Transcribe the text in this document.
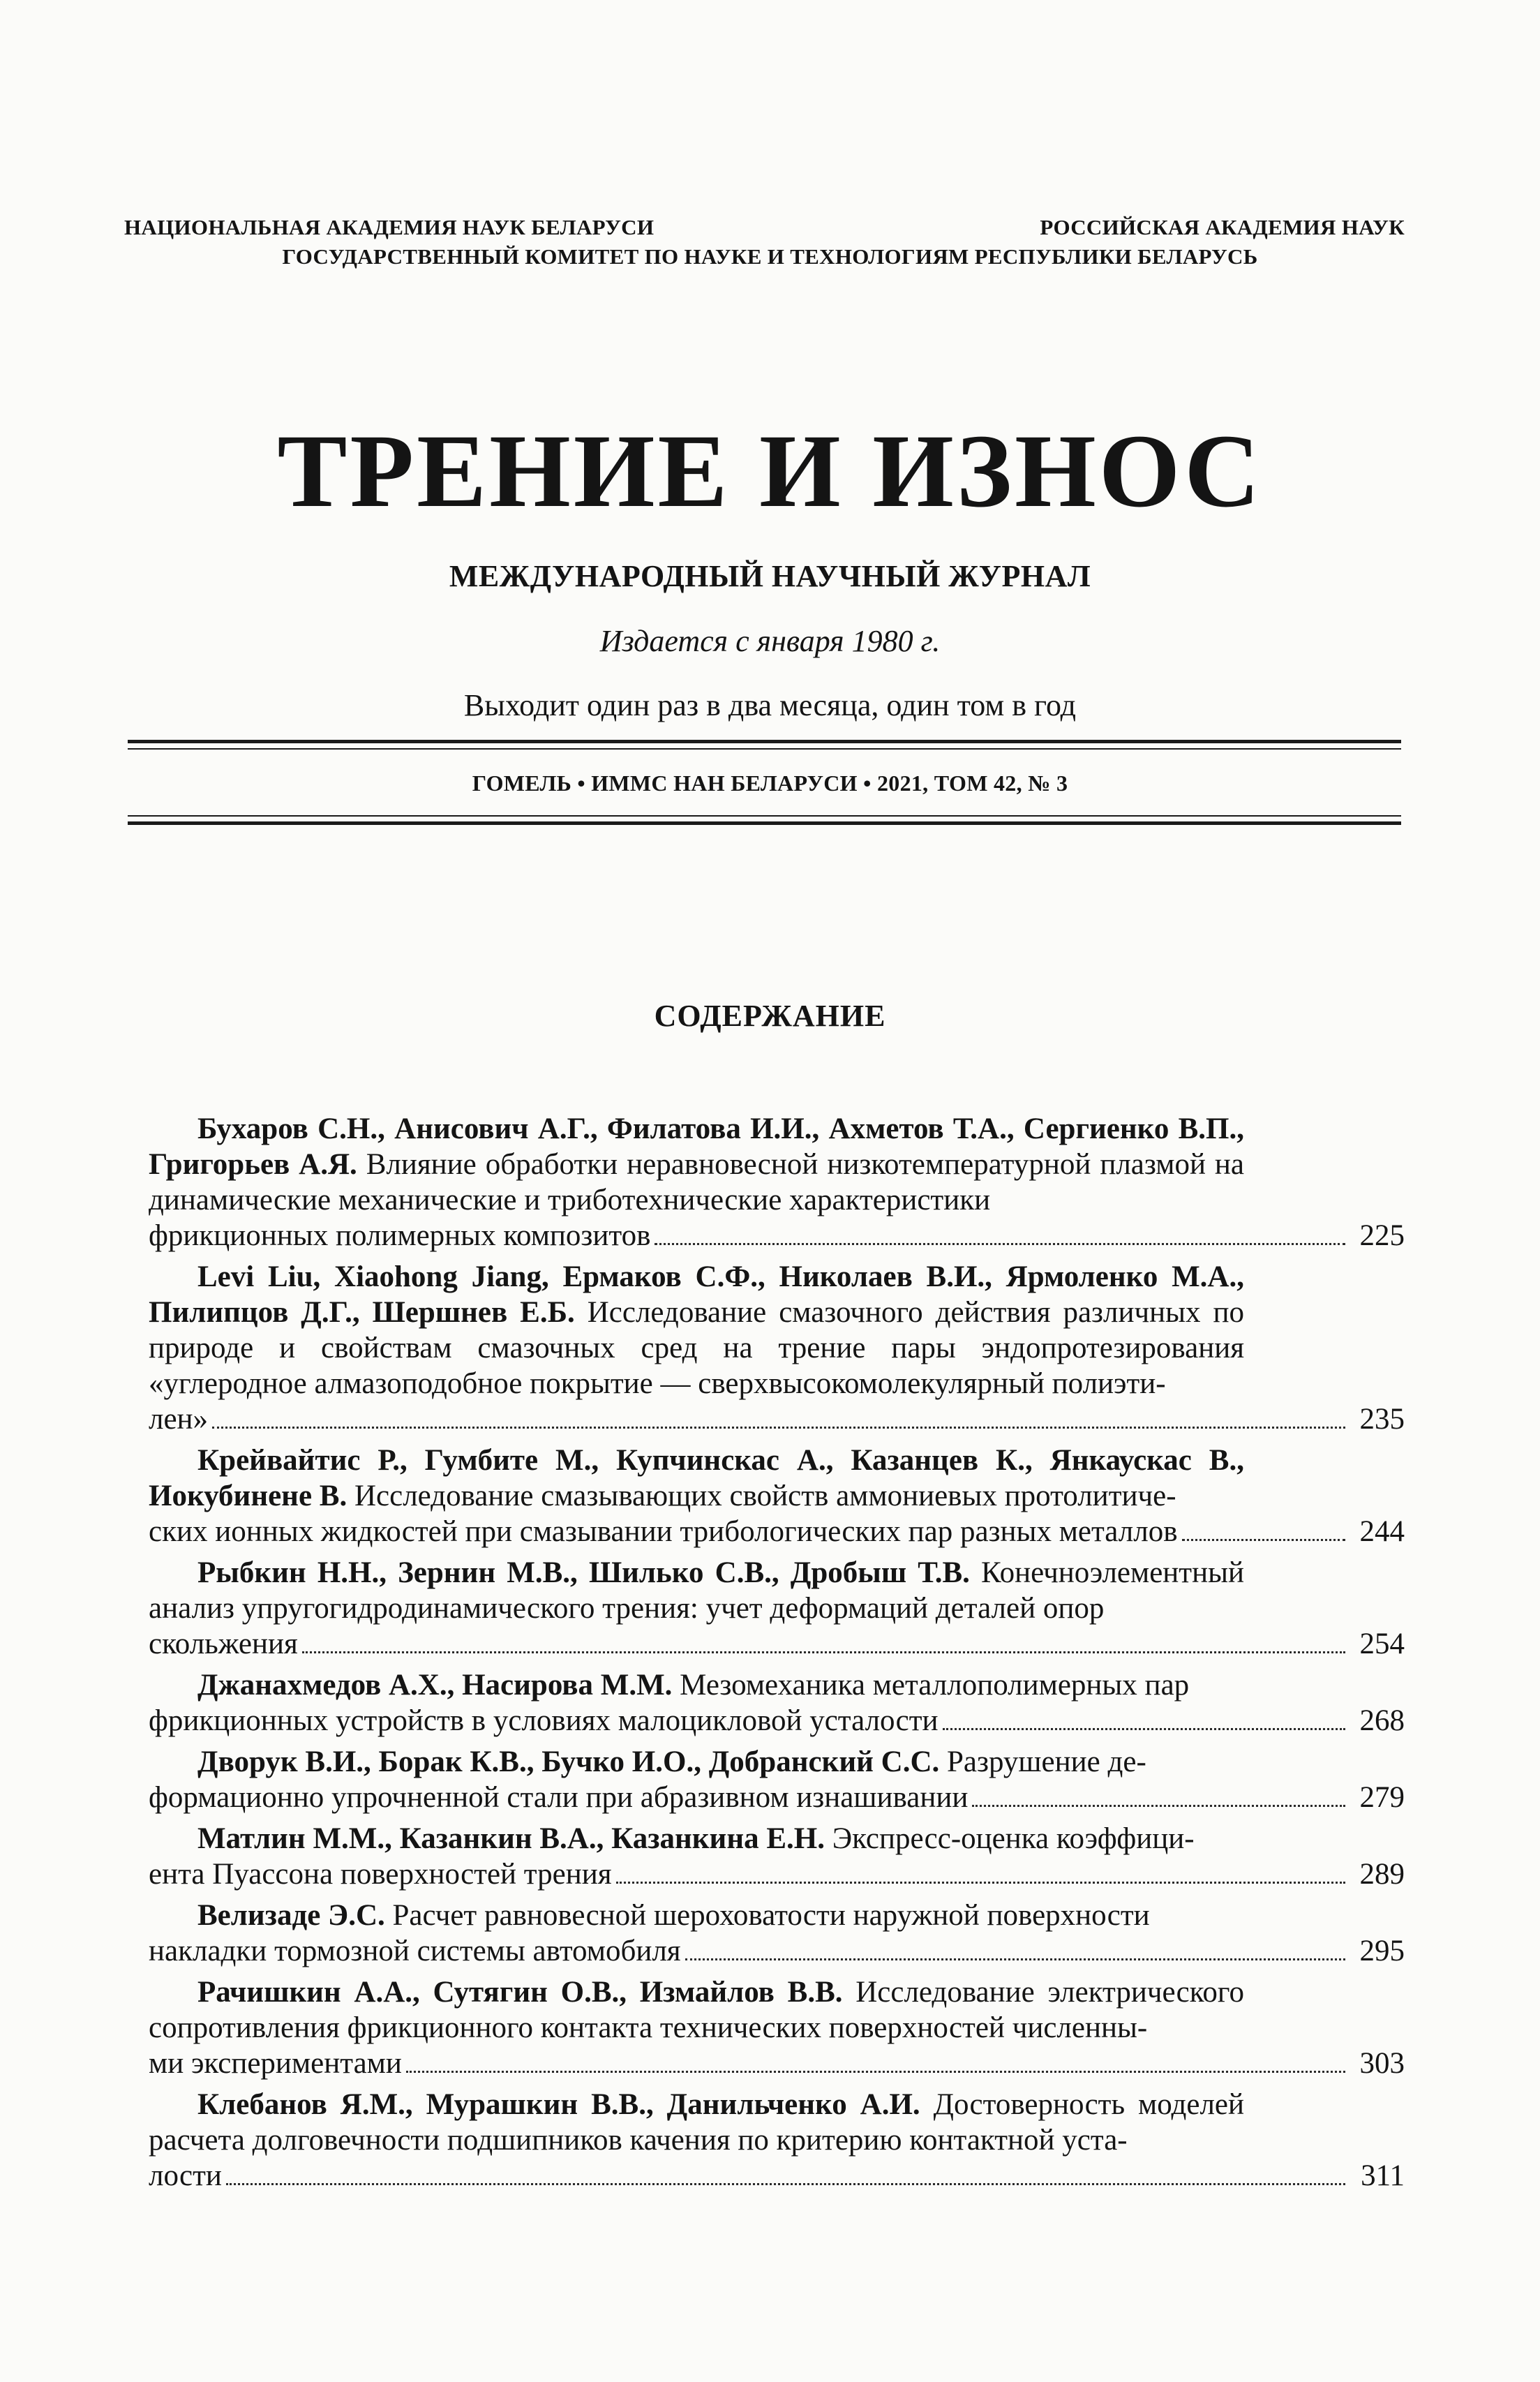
НАЦИОНАЛЬНАЯ АКАДЕМИЯ НАУК БЕЛАРУСИ	РОССИЙСКАЯ АКАДЕМИЯ НАУК
ГОСУДАРСТВЕННЫЙ КОМИТЕТ ПО НАУКЕ И ТЕХНОЛОГИЯМ РЕСПУБЛИКИ БЕЛАРУСЬ
ТРЕНИЕ И ИЗНОС
МЕЖДУНАРОДНЫЙ НАУЧНЫЙ ЖУРНАЛ
Издается с января 1980 г.
Выходит один раз в два месяца, один том в год
ГОМЕЛЬ • ИММС НАН БЕЛАРУСИ • 2021, ТОМ 42, № 3
СОДЕРЖАНИЕ
Бухаров С.Н., Анисович А.Г., Филатова И.И., Ахметов Т.А., Сергиенко В.П., Григорьев А.Я. Влияние обработки неравновесной низкотемпературной плазмой на динамические механические и триботехнические характеристики
фрикционных полимерных композитов	225
Levi Liu, Xiaohong Jiang, Ермаков С.Ф., Николаев В.И., Ярмоленко М.А., Пилипцов Д.Г., Шершнев Е.Б. Исследование смазочного действия различных по природе и свойствам смазочных сред на трение пары эндопротезирования «углеродное алмазоподобное покрытие — сверхвысокомолекулярный полиэти-
лен»	235
Крейвайтис Р., Гумбите М., Купчинскас А., Казанцев К., Янкаускас В., Иокубинене В. Исследование смазывающих свойств аммониевых протолитиче-
ских ионных жидкостей при смазывании трибологических пар разных металлов	244
Рыбкин Н.Н., Зернин М.В., Шилько С.В., Дробыш Т.В. Конечноэлементный анализ упругогидродинамического трения: учет деформаций деталей опор
скольжения	254
Джанахмедов А.Х., Насирова М.М. Мезомеханика металлополимерных пар
фрикционных устройств в условиях малоцикловой усталости	268
Дворук В.И., Борак К.В., Бучко И.О., Добранский С.С. Разрушение де-
формационно упрочненной стали при абразивном изнашивании	279
Матлин М.М., Казанкин В.А., Казанкина Е.Н. Экспресс-оценка коэффици-
ента Пуассона поверхностей трения	289
Велизаде Э.С. Расчет равновесной шероховатости наружной поверхности
накладки тормозной системы автомобиля	295
Рачишкин А.А., Сутягин О.В., Измайлов В.В. Исследование электрического сопротивления фрикционного контакта технических поверхностей численны-
ми экспериментами	303
Клебанов Я.М., Мурашкин В.В., Данильченко А.И. Достоверность моделей расчета долговечности подшипников качения по критерию контактной уста-
лости	311
